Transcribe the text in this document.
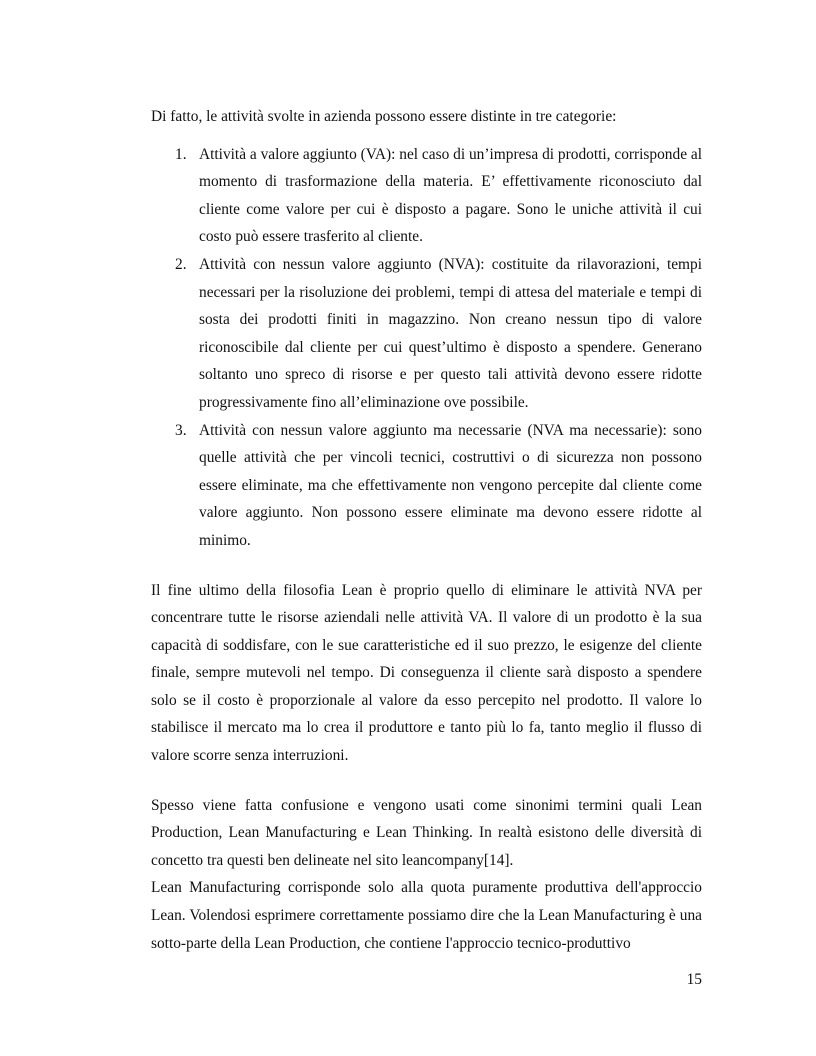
Di fatto, le attività svolte in azienda possono essere distinte in tre categorie:

1. Attività a valore aggiunto (VA): nel caso di un’impresa di prodotti, corrisponde al momento di trasformazione della materia. E’ effettivamente riconosciuto dal cliente come valore per cui è disposto a pagare. Sono le uniche attività il cui costo può essere trasferito al cliente.
2. Attività con nessun valore aggiunto (NVA): costituite da rilavorazioni, tempi necessari per la risoluzione dei problemi, tempi di attesa del materiale e tempi di sosta dei prodotti finiti in magazzino. Non creano nessun tipo di valore riconoscibile dal cliente per cui quest’ultimo è disposto a spendere. Generano soltanto uno spreco di risorse e per questo tali attività devono essere ridotte progressivamente fino all’eliminazione ove possibile.
3. Attività con nessun valore aggiunto ma necessarie (NVA ma necessarie): sono quelle attività che per vincoli tecnici, costruttivi o di sicurezza non possono essere eliminate, ma che effettivamente non vengono percepite dal cliente come valore aggiunto. Non possono essere eliminate ma devono essere ridotte al minimo.

Il fine ultimo della filosofia Lean è proprio quello di eliminare le attività NVA per concentrare tutte le risorse aziendali nelle attività VA. Il valore di un prodotto è la sua capacità di soddisfare, con le sue caratteristiche ed il suo prezzo, le esigenze del cliente finale, sempre mutevoli nel tempo. Di conseguenza il cliente sarà disposto a spendere solo se il costo è proporzionale al valore da esso percepito nel prodotto. Il valore lo stabilisce il mercato ma lo crea il produttore e tanto più lo fa, tanto meglio il flusso di valore scorre senza interruzioni.

Spesso viene fatta confusione e vengono usati come sinonimi termini quali Lean Production, Lean Manufacturing e Lean Thinking. In realtà esistono delle diversità di concetto tra questi ben delineate nel sito leancompany[14].

Lean Manufacturing corrisponde solo alla quota puramente produttiva dell'approccio Lean. Volendosi esprimere correttamente possiamo dire che la Lean Manufacturing è una sotto-parte della Lean Production, che contiene l'approccio tecnico-produttivo

15
